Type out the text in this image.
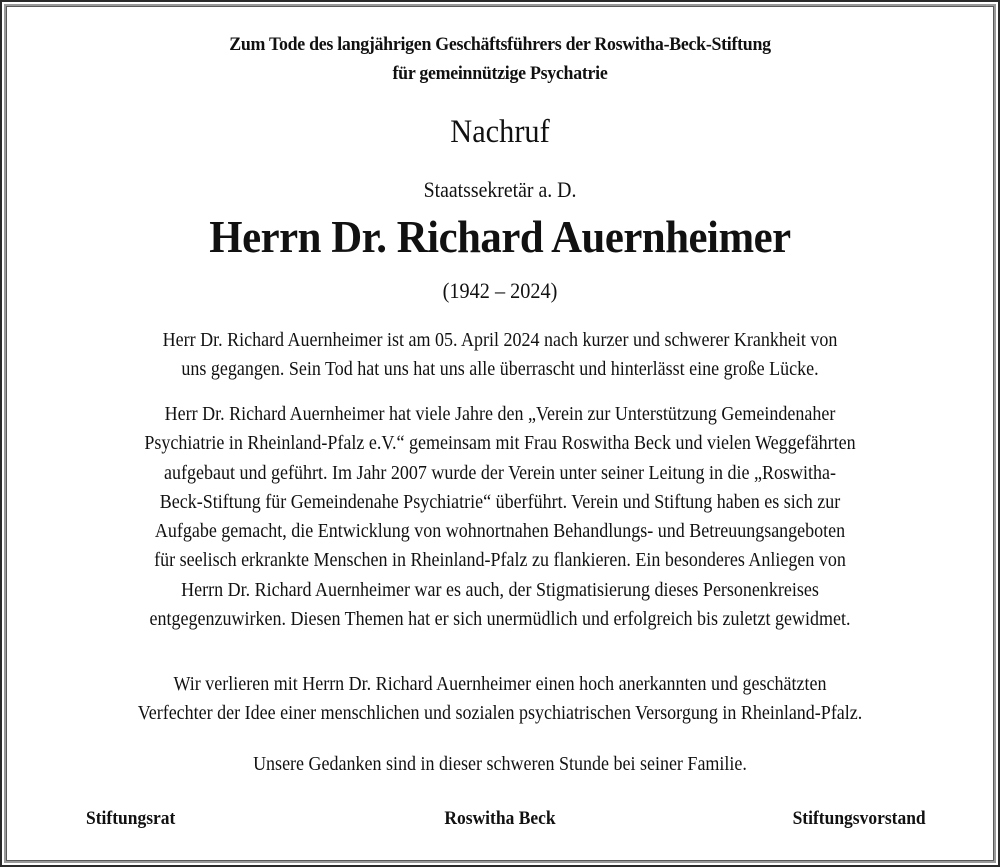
Zum Tode des langjährigen Geschäftsführers der Roswitha-Beck-Stiftung
für gemeinnützige Psychatrie
Nachruf
Staatssekretär a. D.
Herrn Dr. Richard Auernheimer
(1942 – 2024)
Herr Dr. Richard Auernheimer ist am 05. April 2024 nach kurzer und schwerer Krankheit von
uns gegangen. Sein Tod hat uns hat uns alle überrascht und hinterlässt eine große Lücke.
Herr Dr. Richard Auernheimer hat viele Jahre den „Verein zur Unterstützung Gemeindenaher
Psychiatrie in Rheinland-Pfalz e.V.“ gemeinsam mit Frau Roswitha Beck und vielen Weggefährten
aufgebaut und geführt. Im Jahr 2007 wurde der Verein unter seiner Leitung in die „Roswitha-
Beck-Stiftung für Gemeindenahe Psychiatrie“ überführt. Verein und Stiftung haben es sich zur
Aufgabe gemacht, die Entwicklung von wohnortnahen Behandlungs- und Betreuungsangeboten
für seelisch erkrankte Menschen in Rheinland-Pfalz zu flankieren. Ein besonderes Anliegen von
Herrn Dr. Richard Auernheimer war es auch, der Stigmatisierung dieses Personenkreises
entgegenzuwirken. Diesen Themen hat er sich unermüdlich und erfolgreich bis zuletzt gewidmet.
Wir verlieren mit Herrn Dr. Richard Auernheimer einen hoch anerkannten und geschätzten
Verfechter der Idee einer menschlichen und sozialen psychiatrischen Versorgung in Rheinland-Pfalz.
Unsere Gedanken sind in dieser schweren Stunde bei seiner Familie.
Stiftungsrat	Roswitha Beck	Stiftungsvorstand
